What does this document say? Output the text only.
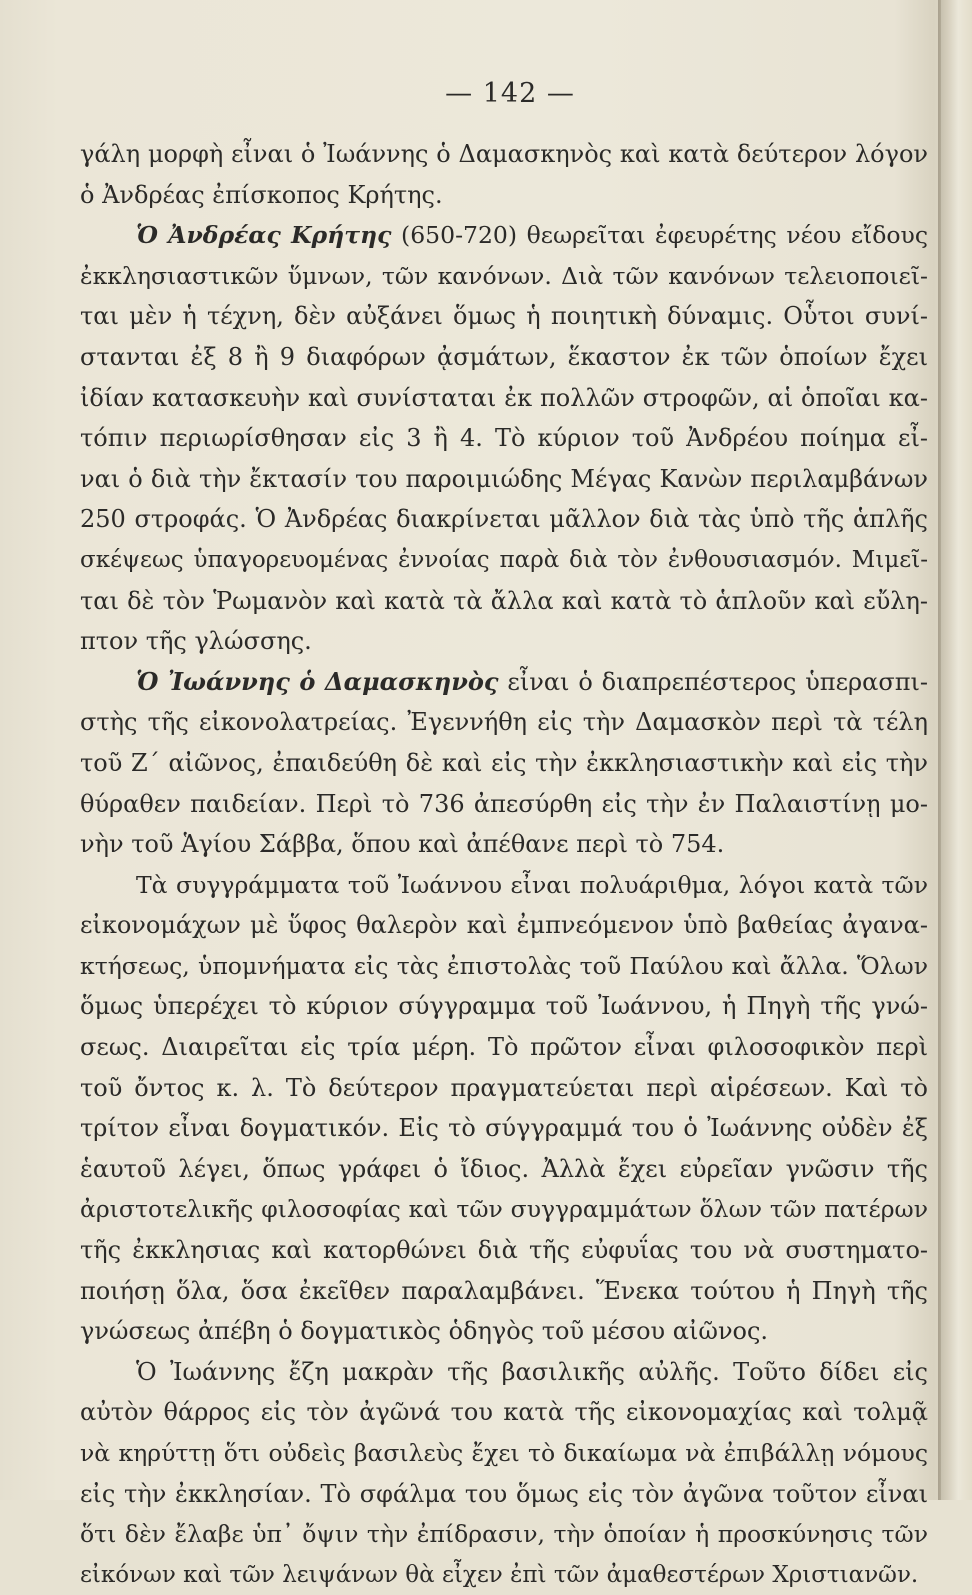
— 142 —
γάλη μορφὴ εἶναι ὁ Ἰωάννης ὁ Δαμασκηνὸς καὶ κατὰ δεύτερον λόγον
ὁ Ἀνδρέας ἐπίσκοπος Κρήτης.
Ὁ Ἀνδρέας Κρήτης (650-720) θεωρεῖται ἐφευρέτης νέου εἴδους
ἐκκλησιαστικῶν ὕμνων, τῶν κανόνων. Διὰ τῶν κανόνων τελειοποιεῖ-
ται μὲν ἡ τέχνη, δὲν αὐξάνει ὅμως ἡ ποιητικὴ δύναμις. Οὗτοι συνί-
στανται ἐξ 8 ἢ 9 διαφόρων ᾀσμάτων, ἕκαστον ἐκ τῶν ὁποίων ἔχει
ἰδίαν κατασκευὴν καὶ συνίσταται ἐκ πολλῶν στροφῶν, αἱ ὁποῖαι κα-
τόπιν περιωρίσθησαν εἰς 3 ἢ 4. Τὸ κύριον τοῦ Ἀνδρέου ποίημα εἶ-
ναι ὁ διὰ τὴν ἔκτασίν του παροιμιώδης Μέγας Κανὼν περιλαμβάνων
250 στροφάς. Ὁ Ἀνδρέας διακρίνεται μᾶλλον διὰ τὰς ὑπὸ τῆς ἁπλῆς
σκέψεως ὑπαγορευομένας ἐννοίας παρὰ διὰ τὸν ἐνθουσιασμόν. Μιμεῖ-
ται δὲ τὸν Ῥωμανὸν καὶ κατὰ τὰ ἄλλα καὶ κατὰ τὸ ἁπλοῦν καὶ εὔλη-
πτον τῆς γλώσσης.
Ὁ Ἰωάννης ὁ Δαμασκηνὸς εἶναι ὁ διαπρεπέστερος ὑπερασπι-
στὴς τῆς εἰκονολατρείας. Ἐγεννήθη εἰς τὴν Δαμασκὸν περὶ τὰ τέλη
τοῦ Ζ΄ αἰῶνος, ἐπαιδεύθη δὲ καὶ εἰς τὴν ἐκκλησιαστικὴν καὶ εἰς τὴν
θύραθεν παιδείαν. Περὶ τὸ 736 ἀπεσύρθη εἰς τὴν ἐν Παλαιστίνῃ μο-
νὴν τοῦ Ἁγίου Σάββα, ὅπου καὶ ἀπέθανε περὶ τὸ 754.
Τὰ συγγράμματα τοῦ Ἰωάννου εἶναι πολυάριθμα, λόγοι κατὰ τῶν
εἰκονομάχων μὲ ὕφος θαλερὸν καὶ ἐμπνεόμενον ὑπὸ βαθείας ἀγανα-
κτήσεως, ὑπομνήματα εἰς τὰς ἐπιστολὰς τοῦ Παύλου καὶ ἄλλα. Ὅλων
ὅμως ὑπερέχει τὸ κύριον σύγγραμμα τοῦ Ἰωάννου, ἡ Πηγὴ τῆς γνώ-
σεως. Διαιρεῖται εἰς τρία μέρη. Τὸ πρῶτον εἶναι φιλοσοφικὸν περὶ
τοῦ ὄντος κ. λ. Τὸ δεύτερον πραγματεύεται περὶ αἱρέσεων. Καὶ τὸ
τρίτον εἶναι δογματικόν. Εἰς τὸ σύγγραμμά του ὁ Ἰωάννης οὐδὲν ἐξ
ἑαυτοῦ λέγει, ὅπως γράφει ὁ ἴδιος. Ἀλλὰ ἔχει εὐρεῖαν γνῶσιν τῆς
ἀριστοτελικῆς φιλοσοφίας καὶ τῶν συγγραμμάτων ὅλων τῶν πατέρων
τῆς ἐκκλησιας καὶ κατορθώνει διὰ τῆς εὐφυΐας του νὰ συστηματο-
ποιήσῃ ὅλα, ὅσα ἐκεῖθεν παραλαμβάνει. Ἕνεκα τούτου ἡ Πηγὴ τῆς
γνώσεως ἀπέβη ὁ δογματικὸς ὁδηγὸς τοῦ μέσου αἰῶνος.
Ὁ Ἰωάννης ἔζη μακρὰν τῆς βασιλικῆς αὐλῆς. Τοῦτο δίδει εἰς
αὐτὸν θάρρος εἰς τὸν ἀγῶνά του κατὰ τῆς εἰκονομαχίας καὶ τολμᾷ
νὰ κηρύττῃ ὅτι οὐδεὶς βασιλεὺς ἔχει τὸ δικαίωμα νὰ ἐπιβάλλῃ νόμους
εἰς τὴν ἐκκλησίαν. Τὸ σφάλμα του ὅμως εἰς τὸν ἀγῶνα τοῦτον εἶναι
ὅτι δὲν ἔλαβε ὑπ᾽ ὄψιν τὴν ἐπίδρασιν, τὴν ὁποίαν ἡ προσκύνησις τῶν
εἰκόνων καὶ τῶν λειψάνων θὰ εἶχεν ἐπὶ τῶν ἀμαθεστέρων Χριστιανῶν.
